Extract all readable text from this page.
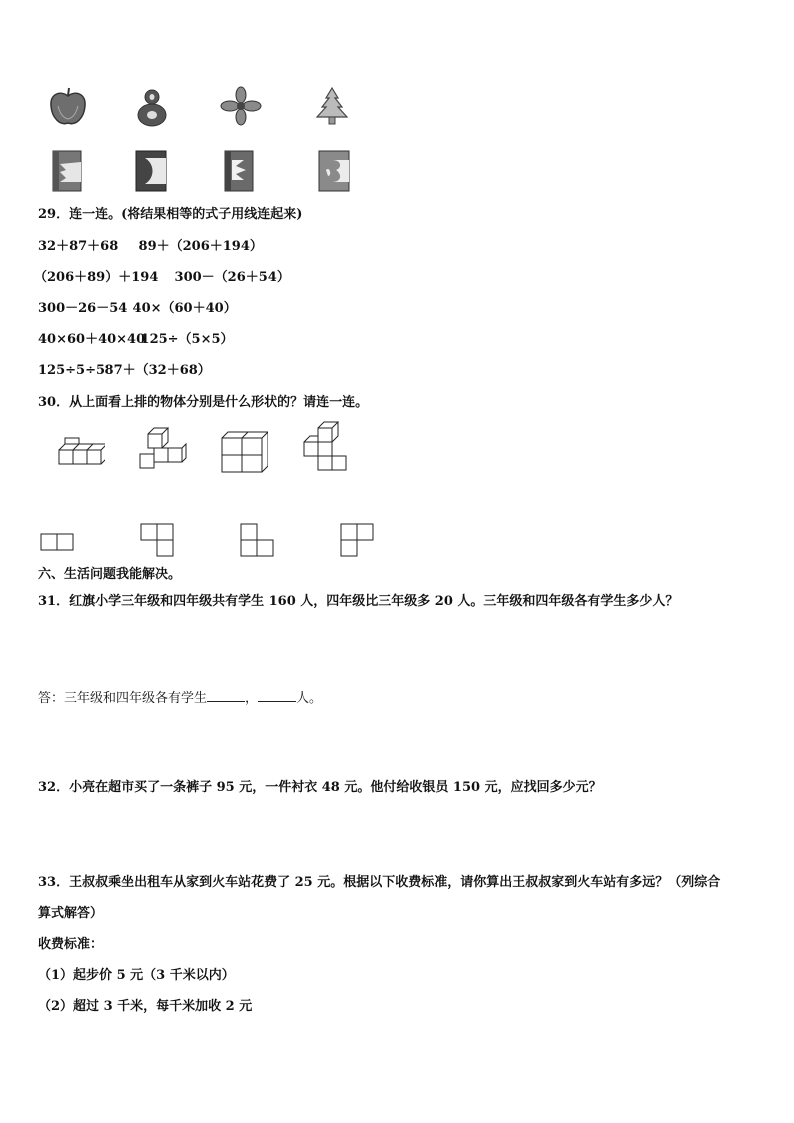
29．连一连。(将结果相等的式子用线连起来)
32＋87＋68 89＋（206＋194）
（206＋89）＋194 300－（26＋54）
300－26－54 40×（60＋40）
40×60＋40×40 125÷（5×5）
125÷5÷5 87＋（32＋68）
30．从上面看上排的物体分别是什么形状的？请连一连。
六、生活问题我能解决。
31．红旗小学三年级和四年级共有学生 160 人，四年级比三年级多 20 人。三年级和四年级各有学生多少人？
答：三年级和四年级各有学生	，	人。
32．小亮在超市买了一条裤子 95 元，一件衬衣 48 元。他付给收银员 150 元，应找回多少元？
33．王叔叔乘坐出租车从家到火车站花费了 25 元。根据以下收费标准，请你算出王叔叔家到火车站有多远？（列综合
算式解答）
收费标准：
（1）起步价 5 元（3 千米以内）
（2）超过 3 千米，每千米加收 2 元
